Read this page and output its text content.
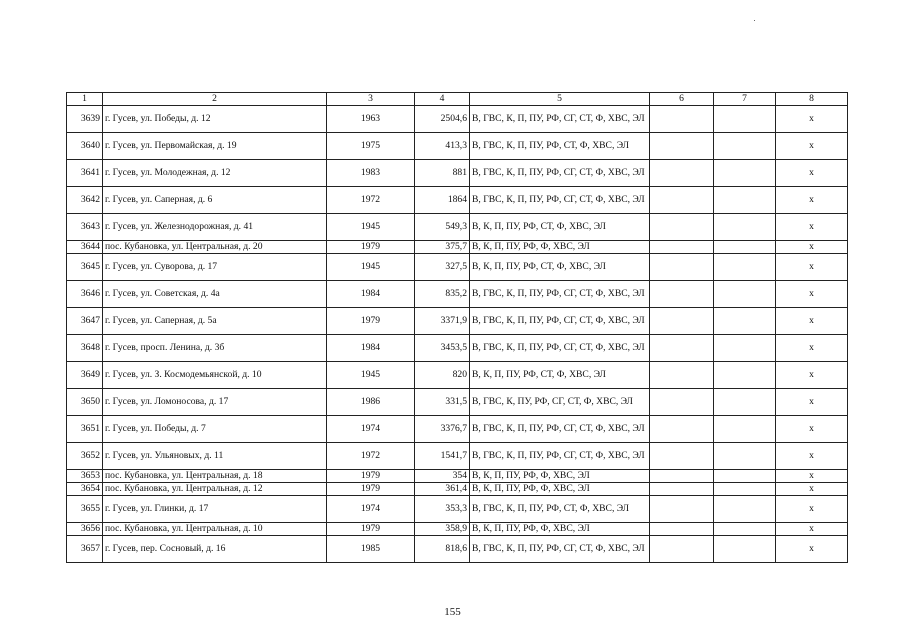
1	2	3	4	5	6	7	8
3639	г. Гусев, ул. Победы, д. 12	1963	2504,6	В, ГВС, К, П, ПУ, РФ, СГ, СТ, Ф, ХВС, ЭЛ			х
3640	г. Гусев, ул. Первомайская, д. 19	1975	413,3	В, ГВС, К, П, ПУ, РФ, СТ, Ф, ХВС, ЭЛ			х
3641	г. Гусев, ул. Молодежная, д. 12	1983	881	В, ГВС, К, П, ПУ, РФ, СГ, СТ, Ф, ХВС, ЭЛ			х
3642	г. Гусев, ул. Саперная, д. 6	1972	1864	В, ГВС, К, П, ПУ, РФ, СГ, СТ, Ф, ХВС, ЭЛ			х
3643	г. Гусев, ул. Железнодорожная, д. 41	1945	549,3	В, К, П, ПУ, РФ, СТ, Ф, ХВС, ЭЛ			х
3644	пос. Кубановка, ул. Центральная, д. 20	1979	375,7	В, К, П, ПУ, РФ, Ф, ХВС, ЭЛ			х
3645	г. Гусев, ул. Суворова, д. 17	1945	327,5	В, К, П, ПУ, РФ, СТ, Ф, ХВС, ЭЛ			х
3646	г. Гусев, ул. Советская, д. 4а	1984	835,2	В, ГВС, К, П, ПУ, РФ, СГ, СТ, Ф, ХВС, ЭЛ			х
3647	г. Гусев, ул. Саперная, д. 5а	1979	3371,9	В, ГВС, К, П, ПУ, РФ, СГ, СТ, Ф, ХВС, ЭЛ			х
3648	г. Гусев, просп. Ленина, д. 3б	1984	3453,5	В, ГВС, К, П, ПУ, РФ, СГ, СТ, Ф, ХВС, ЭЛ			х
3649	г. Гусев, ул. З. Космодемьянской, д. 10	1945	820	В, К, П, ПУ, РФ, СТ, Ф, ХВС, ЭЛ			х
3650	г. Гусев, ул. Ломоносова, д. 17	1986	331,5	В, ГВС, К, ПУ, РФ, СГ, СТ, Ф, ХВС, ЭЛ			х
3651	г. Гусев, ул. Победы, д. 7	1974	3376,7	В, ГВС, К, П, ПУ, РФ, СГ, СТ, Ф, ХВС, ЭЛ			х
3652	г. Гусев, ул. Ульяновых, д. 11	1972	1541,7	В, ГВС, К, П, ПУ, РФ, СГ, СТ, Ф, ХВС, ЭЛ			х
3653	пос. Кубановка, ул. Центральная, д. 18	1979	354	В, К, П, ПУ, РФ, Ф, ХВС, ЭЛ			х
3654	пос. Кубановка, ул. Центральная, д. 12	1979	361,4	В, К, П, ПУ, РФ, Ф, ХВС, ЭЛ			х
3655	г. Гусев, ул. Глинки, д. 17	1974	353,3	В, ГВС, К, П, ПУ, РФ, СТ, Ф, ХВС, ЭЛ			х
3656	пос. Кубановка, ул. Центральная, д. 10	1979	358,9	В, К, П, ПУ, РФ, Ф, ХВС, ЭЛ			х
3657	г. Гусев, пер. Сосновый, д. 16	1985	818,6	В, ГВС, К, П, ПУ, РФ, СГ, СТ, Ф, ХВС, ЭЛ			х
155
